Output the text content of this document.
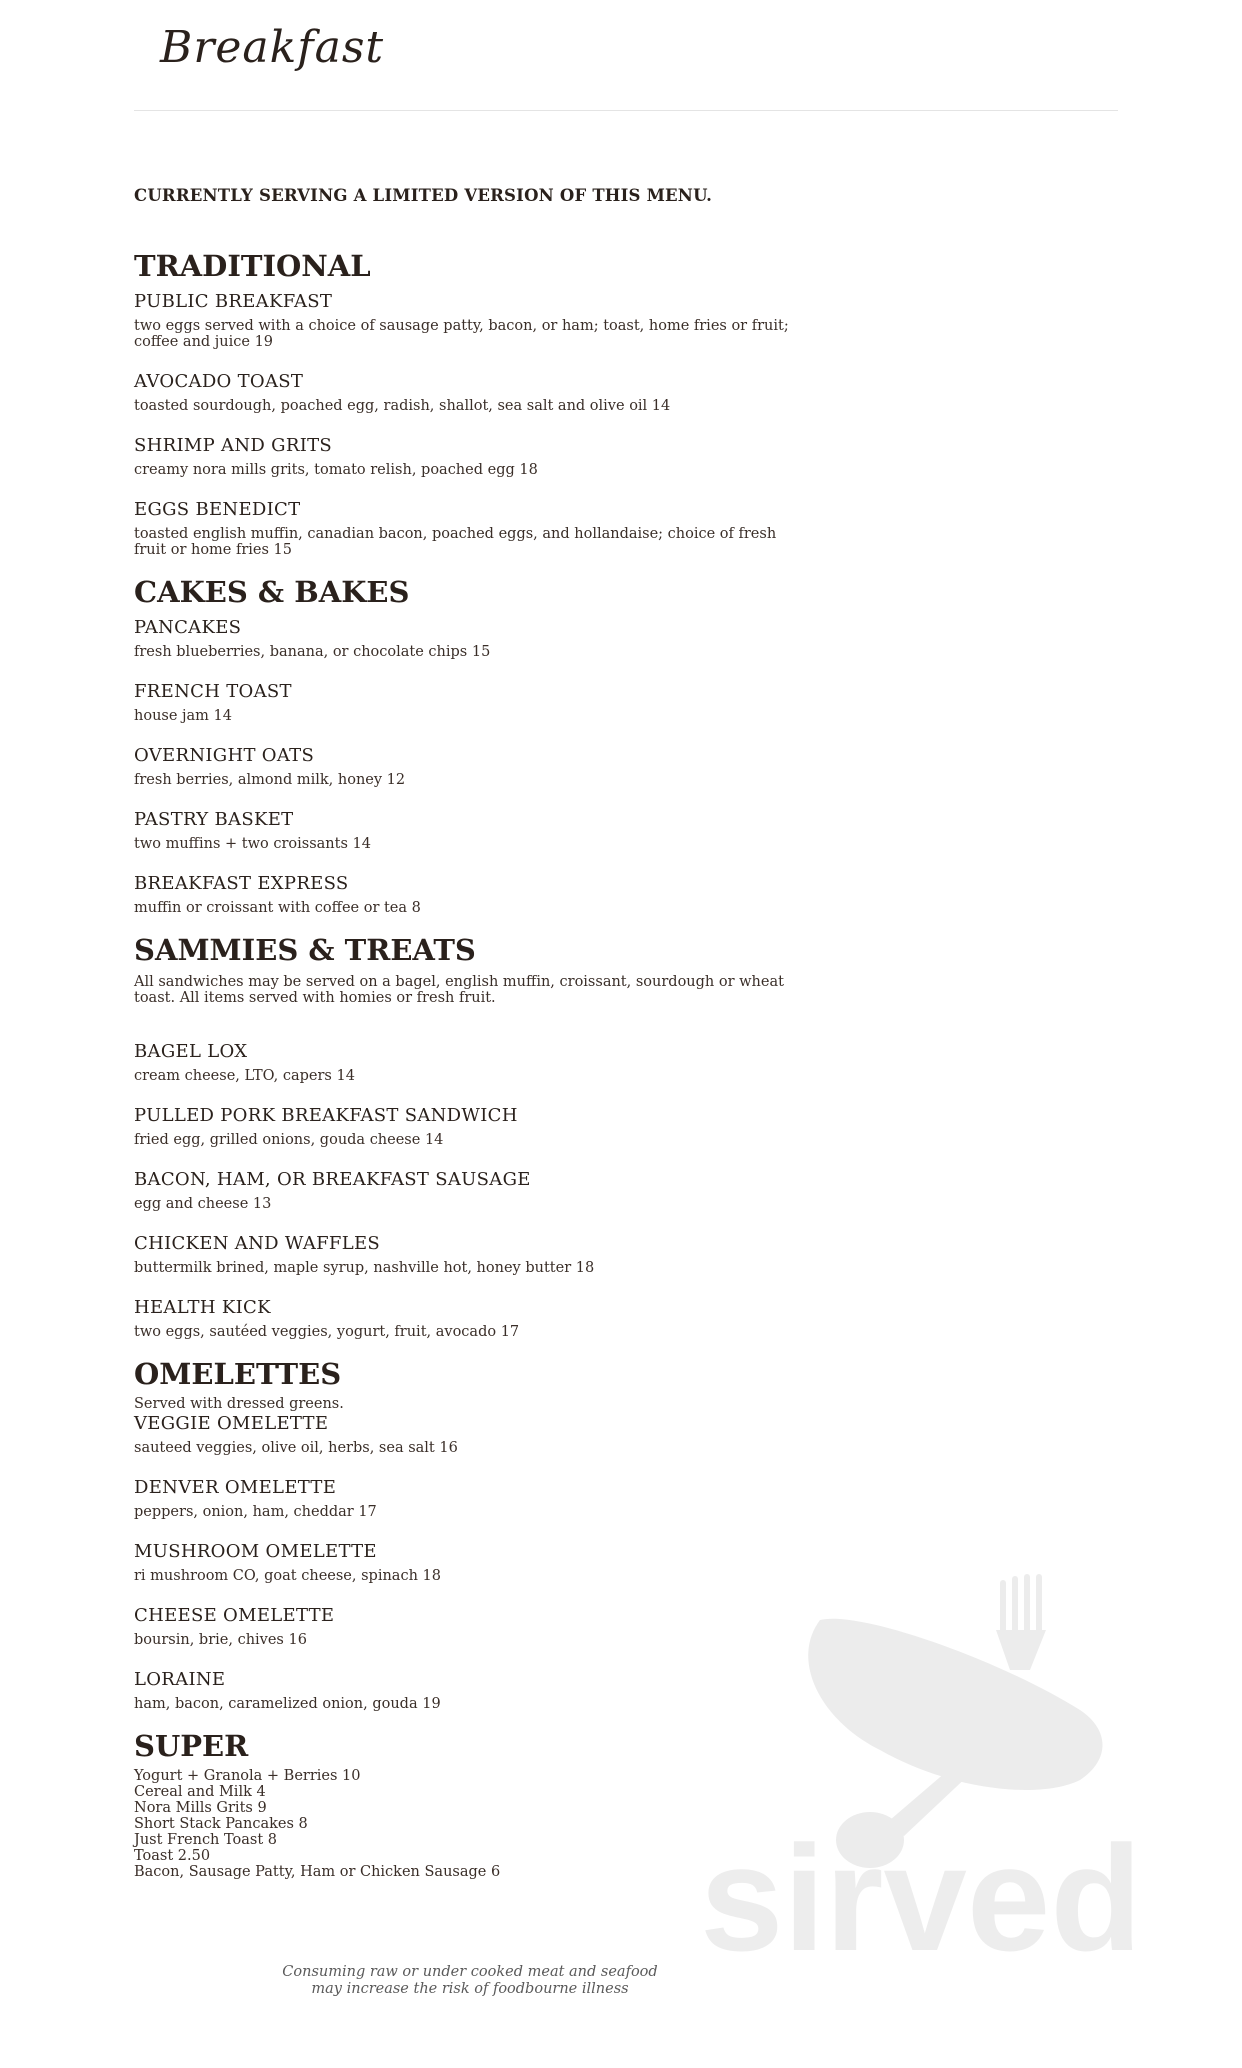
Breakfast
CURRENTLY SERVING A LIMITED VERSION OF THIS MENU.
TRADITIONAL
PUBLIC BREAKFAST
two eggs served with a choice of sausage patty, bacon, or ham; toast, home fries or fruit; coffee and juice 19
AVOCADO TOAST
toasted sourdough, poached egg, radish, shallot, sea salt and olive oil 14
SHRIMP AND GRITS
creamy nora mills grits, tomato relish, poached egg 18
EGGS BENEDICT
toasted english muffin, canadian bacon, poached eggs, and hollandaise; choice of fresh fruit or home fries 15
CAKES & BAKES
PANCAKES
fresh blueberries, banana, or chocolate chips 15
FRENCH TOAST
house jam 14
OVERNIGHT OATS
fresh berries, almond milk, honey 12
PASTRY BASKET
two muffins + two croissants 14
BREAKFAST EXPRESS
muffin or croissant with coffee or tea 8
SAMMIES & TREATS
All sandwiches may be served on a bagel, english muffin, croissant, sourdough or wheat toast. All items served with homies or fresh fruit.
BAGEL LOX
cream cheese, LTO, capers 14
PULLED PORK BREAKFAST SANDWICH
fried egg, grilled onions, gouda cheese 14
BACON, HAM, OR BREAKFAST SAUSAGE
egg and cheese 13
CHICKEN AND WAFFLES
buttermilk brined, maple syrup, nashville hot, honey butter 18
HEALTH KICK
two eggs, sautéed veggies, yogurt, fruit, avocado 17
OMELETTES
Served with dressed greens.
VEGGIE OMELETTE
sauteed veggies, olive oil, herbs, sea salt 16
DENVER OMELETTE
peppers, onion, ham, cheddar 17
MUSHROOM OMELETTE
ri mushroom CO, goat cheese, spinach 18
CHEESE OMELETTE
boursin, brie, chives 16
LORAINE
ham, bacon, caramelized onion, gouda 19
SUPER
Yogurt + Granola + Berries 10
Cereal and Milk 4
Nora Mills Grits 9
Short Stack Pancakes 8
Just French Toast 8
Toast 2.50
Bacon, Sausage Patty, Ham or Chicken Sausage 6	sirved
Consuming raw or under cooked meat and seafood
may increase the risk of foodbourne illness
